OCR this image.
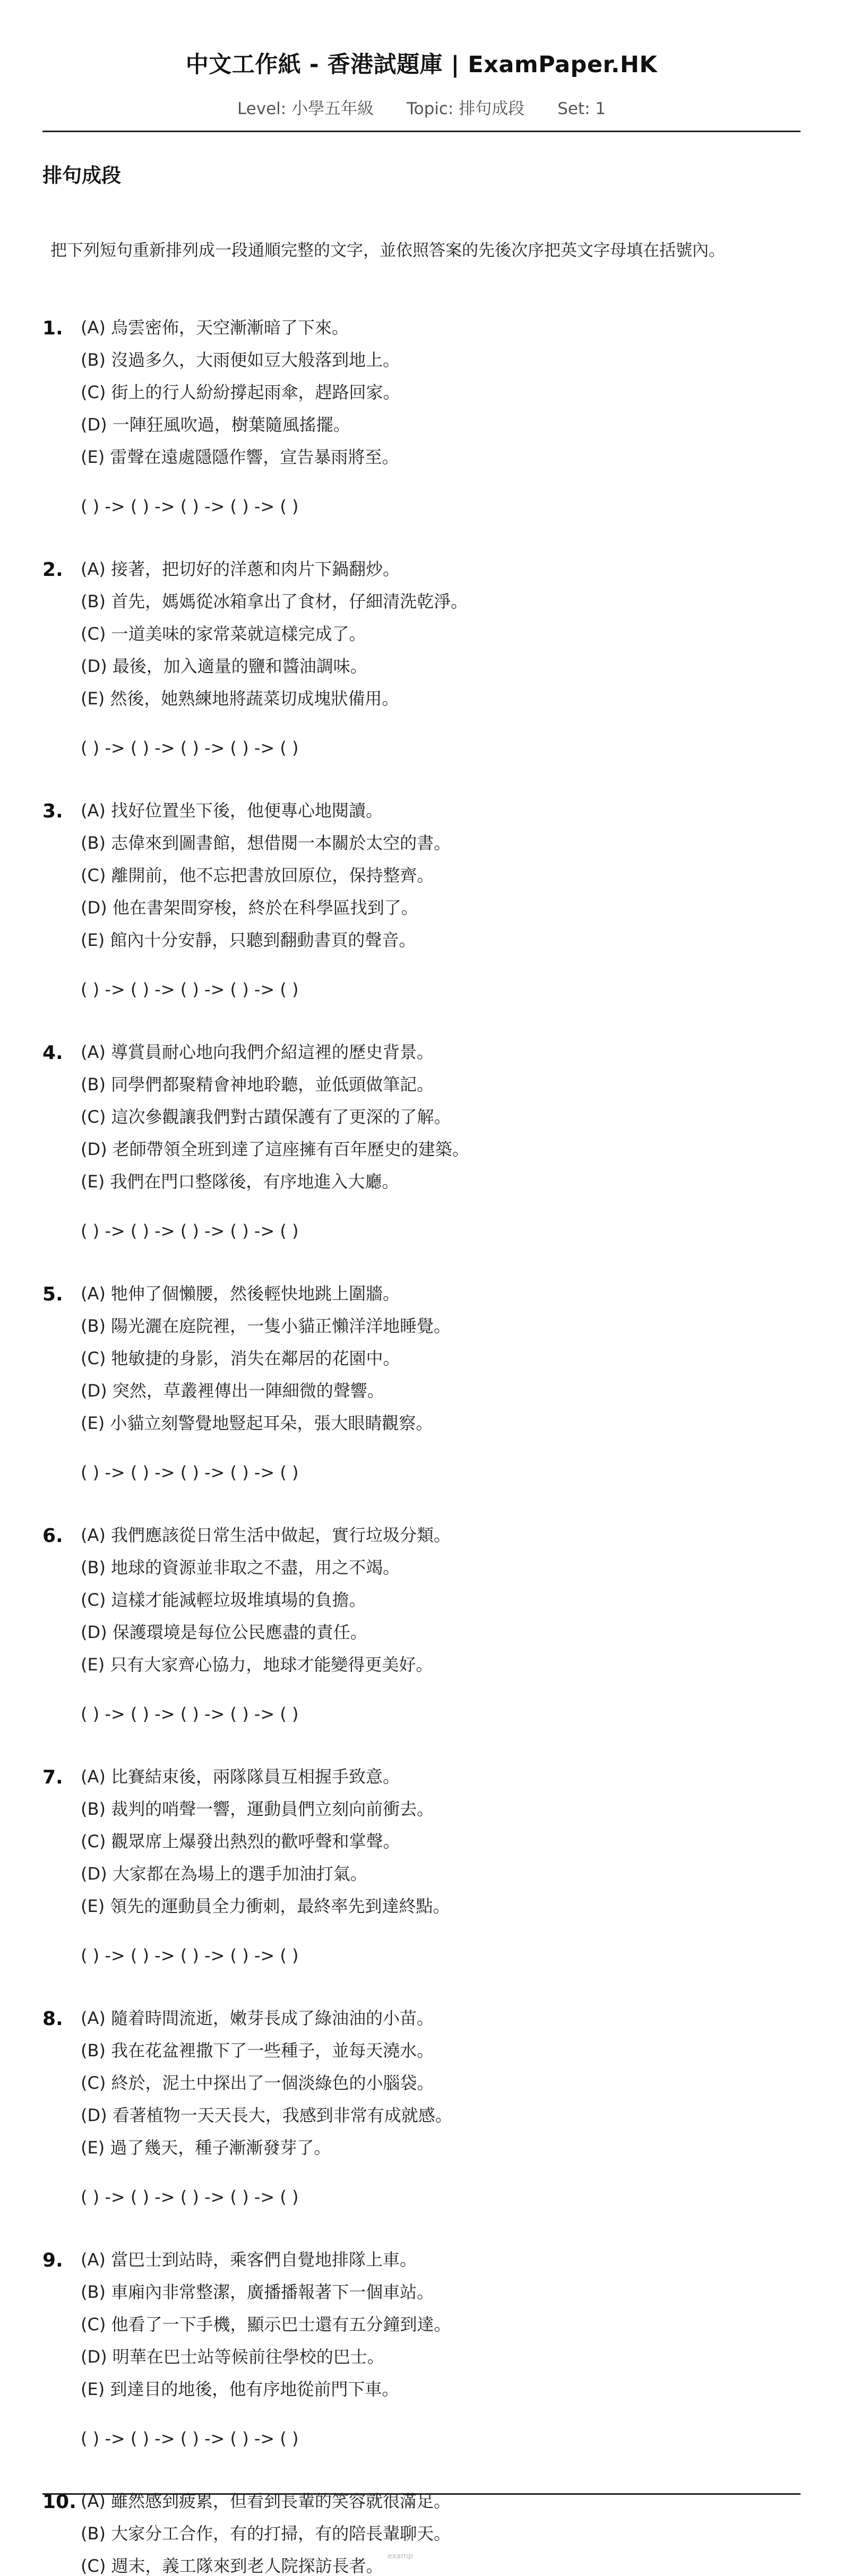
中文工作紙 - 香港試題庫 | ExamPaper.HK
Level: 小學五年級 Topic: 排句成段 Set: 1
排句成段
把下列短句重新排列成一段通順完整的文字，並依照答案的先後次序把英文字母填在括號內。
1. (A) 烏雲密佈，天空漸漸暗了下來。
(B) 沒過多久，大雨便如豆大般落到地上。
(C) 街上的行人紛紛撐起雨傘，趕路回家。
(D) 一陣狂風吹過，樹葉隨風搖擺。
(E) 雷聲在遠處隱隱作響，宣告暴雨將至。
( ) -> ( ) -> ( ) -> ( ) -> ( )
2. (A) 接著，把切好的洋蔥和肉片下鍋翻炒。
(B) 首先，媽媽從冰箱拿出了食材，仔細清洗乾淨。
(C) 一道美味的家常菜就這樣完成了。
(D) 最後，加入適量的鹽和醬油調味。
(E) 然後，她熟練地將蔬菜切成塊狀備用。
( ) -> ( ) -> ( ) -> ( ) -> ( )
3. (A) 找好位置坐下後，他便專心地閱讀。
(B) 志偉來到圖書館，想借閱一本關於太空的書。
(C) 離開前，他不忘把書放回原位，保持整齊。
(D) 他在書架間穿梭，終於在科學區找到了。
(E) 館內十分安靜，只聽到翻動書頁的聲音。
( ) -> ( ) -> ( ) -> ( ) -> ( )
4. (A) 導賞員耐心地向我們介紹這裡的歷史背景。
(B) 同學們都聚精會神地聆聽，並低頭做筆記。
(C) 這次參觀讓我們對古蹟保護有了更深的了解。
(D) 老師帶領全班到達了這座擁有百年歷史的建築。
(E) 我們在門口整隊後，有序地進入大廳。
( ) -> ( ) -> ( ) -> ( ) -> ( )
5. (A) 牠伸了個懶腰，然後輕快地跳上圍牆。
(B) 陽光灑在庭院裡，一隻小貓正懶洋洋地睡覺。
(C) 牠敏捷的身影，消失在鄰居的花園中。
(D) 突然，草叢裡傳出一陣細微的聲響。
(E) 小貓立刻警覺地豎起耳朵，張大眼睛觀察。
( ) -> ( ) -> ( ) -> ( ) -> ( )
6. (A) 我們應該從日常生活中做起，實行垃圾分類。
(B) 地球的資源並非取之不盡，用之不竭。
(C) 這樣才能減輕垃圾堆填場的負擔。
(D) 保護環境是每位公民應盡的責任。
(E) 只有大家齊心協力，地球才能變得更美好。
( ) -> ( ) -> ( ) -> ( ) -> ( )
7. (A) 比賽結束後，兩隊隊員互相握手致意。
(B) 裁判的哨聲一響，運動員們立刻向前衝去。
(C) 觀眾席上爆發出熱烈的歡呼聲和掌聲。
(D) 大家都在為場上的選手加油打氣。
(E) 領先的運動員全力衝刺，最終率先到達終點。
( ) -> ( ) -> ( ) -> ( ) -> ( )
8. (A) 隨着時間流逝，嫩芽長成了綠油油的小苗。
(B) 我在花盆裡撒下了一些種子，並每天澆水。
(C) 終於，泥土中探出了一個淡綠色的小腦袋。
(D) 看著植物一天天長大，我感到非常有成就感。
(E) 過了幾天，種子漸漸發芽了。
( ) -> ( ) -> ( ) -> ( ) -> ( )
9. (A) 當巴士到站時，乘客們自覺地排隊上車。
(B) 車廂內非常整潔，廣播播報著下一個車站。
(C) 他看了一下手機，顯示巴士還有五分鐘到達。
(D) 明華在巴士站等候前往學校的巴士。
(E) 到達目的地後，他有序地從前門下車。
( ) -> ( ) -> ( ) -> ( ) -> ( )
10. (A) 雖然感到疲累，但看到長輩的笑容就很滿足。
(B) 大家分工合作，有的打掃，有的陪長輩聊天。
(C) 週末，義工隊來到老人院探訪長者。 examp
